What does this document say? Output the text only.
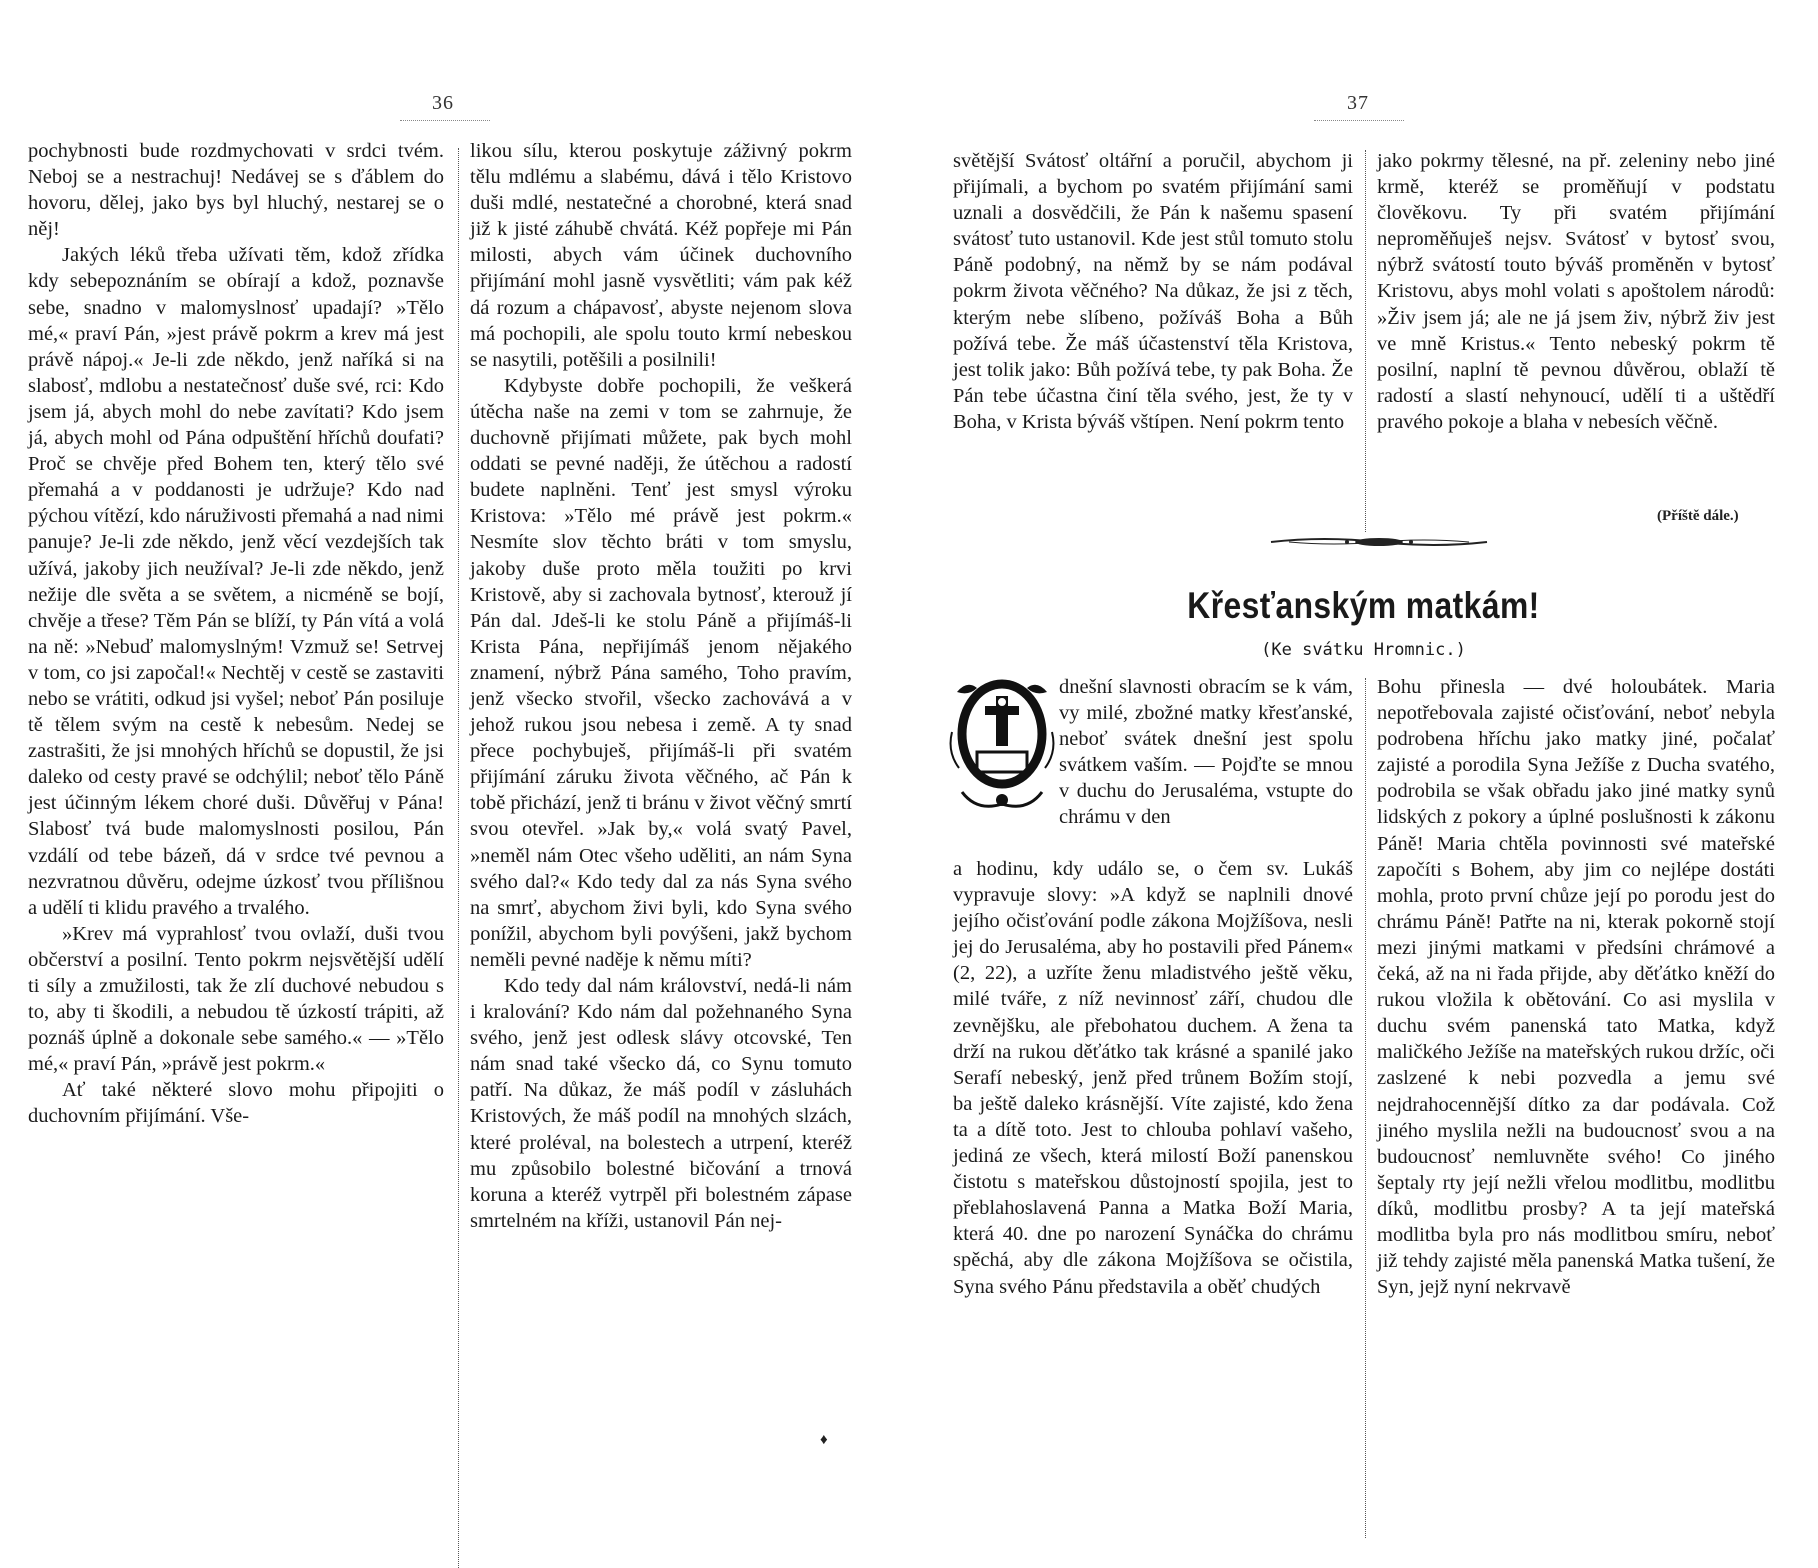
36

pochybnosti bude rozdmychovati v srdci tvém. Neboj se a nestrachuj! Nedávej se s ďáblem do hovoru, dělej, jako bys byl hluchý, nestarej se o něj!

Jakých léků třeba užívati těm, kdož zřídka kdy sebepoznáním se obírají a kdož, poznavše sebe, snadno v malomyslnosť upadají? »Tělo mé,« praví Pán, »jest právě pokrm a krev má jest právě nápoj.« Je-li zde někdo, jenž naříká si na slabosť, mdlobu a nestatečnosť duše své, rci: Kdo jsem já, abych mohl do nebe zavítati? Kdo jsem já, abych mohl od Pána odpuštění hříchů doufati? Proč se chvěje před Bohem ten, který tělo své přemahá a v poddanosti je udržuje? Kdo nad pýchou vítězí, kdo náruživosti přemahá a nad nimi panuje? Je-li zde někdo, jenž věcí vezdejších tak užívá, jakoby jich neužíval? Je-li zde někdo, jenž nežije dle světa a se světem, a nicméně se bojí, chvěje a třese? Těm Pán se blíží, ty Pán vítá a volá na ně: »Nebuď malomyslným! Vzmuž se! Setrvej v tom, co jsi započal!« Nechtěj v cestě se zastaviti nebo se vrátiti, odkud jsi vyšel; neboť Pán posiluje tě tělem svým na cestě k nebesům. Nedej se zastrašiti, že jsi mnohých hříchů se dopustil, že jsi daleko od cesty pravé se odchýlil; neboť tělo Páně jest účinným lékem choré duši. Důvěřuj v Pána! Slabosť tvá bude malomyslnosti posilou, Pán vzdálí od tebe bázeň, dá v srdce tvé pevnou a nezvratnou důvěru, odejme úzkosť tvou přílišnou a udělí ti klidu pravého a trvalého.

»Krev má vyprahlosť tvou ovlaží, duši tvou občerství a posilní. Tento pokrm nejsvětější udělí ti síly a zmužilosti, tak že zlí duchové nebudou s to, aby ti škodili, a nebudou tě úzkostí trápiti, až poznáš úplně a dokonale sebe samého.« — »Tělo mé,« praví Pán, »právě jest pokrm.«

Ať také některé slovo mohu připojiti o duchovním přijímání. Vše-

likou sílu, kterou poskytuje záživný pokrm tělu mdlému a slabému, dává i tělo Kristovo duši mdlé, nestatečné a chorobné, která snad již k jisté záhubě chvátá. Kéž popřeje mi Pán milosti, abych vám účinek duchovního přijímání mohl jasně vysvětliti; vám pak kéž dá rozum a chápavosť, abyste nejenom slova má pochopili, ale spolu touto krmí nebeskou se nasytili, potěšili a posilnili!

Kdybyste dobře pochopili, že veškerá útěcha naše na zemi v tom se zahrnuje, že duchovně přijímati můžete, pak bych mohl oddati se pevné naději, že útěchou a radostí budete naplněni. Tenť jest smysl výroku Kristova: »Tělo mé právě jest pokrm.« Nesmíte slov těchto bráti v tom smyslu, jakoby duše proto měla toužiti po krvi Kristově, aby si zachovala bytnosť, kterouž jí Pán dal. Jdeš-li ke stolu Páně a přijímáš-li Krista Pána, nepřijímáš jenom nějakého znamení, nýbrž Pána samého, Toho pravím, jenž všecko stvořil, všecko zachovává a v jehož rukou jsou nebesa i země. A ty snad přece pochybuješ, přijímáš-li při svatém přijímání záruku života věčného, ač Pán k tobě přichází, jenž ti bránu v život věčný smrtí svou otevřel. »Jak by,« volá svatý Pavel, »neměl nám Otec všeho uděliti, an nám Syna svého dal?« Kdo tedy dal za nás Syna svého na smrť, abychom živi byli, kdo Syna svého ponížil, abychom byli povýšeni, jakž bychom neměli pevné naděje k němu míti?

Kdo tedy dal nám království, nedá-li nám i kralování? Kdo nám dal požehnaného Syna svého, jenž jest odlesk slávy otcovské, Ten nám snad také všecko dá, co Synu tomuto patří. Na důkaz, že máš podíl v zásluhách Kristových, že máš podíl na mnohých slzách, které proléval, na bolestech a utrpení, kteréž mu způsobilo bolestné bičování a trnová koruna a kteréž vytrpěl při bolestném zápase smrtelném na kříži, ustanovil Pán nej-

♦
37

světější Svátosť oltářní a poručil, abychom ji přijímali, a bychom po svatém přijímání sami uznali a dosvědčili, že Pán k našemu spasení svátosť tuto ustanovil. Kde jest stůl tomuto stolu Páně podobný, na němž by se nám podával pokrm života věčného? Na důkaz, že jsi z těch, kterým nebe slíbeno, požíváš Boha a Bůh požívá tebe. Že máš účastenství těla Kristova, jest tolik jako: Bůh požívá tebe, ty pak Boha. Že Pán tebe účastna činí těla svého, jest, že ty v Boha, v Krista býváš vštípen. Není pokrm tento

jako pokrmy tělesné, na př. zeleniny nebo jiné krmě, kteréž se proměňují v podstatu člověkovu. Ty při svatém přijímání neproměňuješ nejsv. Svátosť v bytosť svou, nýbrž svátostí touto býváš proměněn v bytosť Kristovu, abys mohl volati s apoštolem národů: »Živ jsem já; ale ne já jsem živ, nýbrž živ jest ve mně Kristus.« Tento nebeský pokrm tě posilní, naplní tě pevnou důvěrou, oblaží tě radostí a slastí nehynoucí, udělí ti a uštědří pravého pokoje a blaha v nebesích věčně.

(Příště dále.)
Křesťanským matkám!
(Ke svátku Hromnic.)
dnešní slavnosti obracím se k vám, vy milé, zbožné matky křesťanské, neboť svátek dnešní jest spolu svátkem vaším. — Pojďte se mnou v duchu do Jerusaléma, vstupte do chrámu v den
a hodinu, kdy událo se, o čem sv. Lukáš vypravuje slovy: »A když se naplnili dnové jejího očisťování podle zákona Mojžíšova, nesli jej do Jerusaléma, aby ho postavili před Pánem« (2, 22), a uzříte ženu mladistvého ještě věku, milé tváře, z níž nevinnosť září, chudou dle zevnějšku, ale přebohatou duchem. A žena ta drží na rukou děťátko tak krásné a spanilé jako Serafí nebeský, jenž před trůnem Božím stojí, ba ještě daleko krásnější. Víte zajisté, kdo žena ta a dítě toto. Jest to chlouba pohlaví vašeho, jediná ze všech, která milostí Boží panenskou čistotu s mateřskou důstojností spojila, jest to přeblahoslavená Panna a Matka Boží Maria, která 40. dne po narození Synáčka do chrámu spěchá, aby dle zákona Mojžíšova se očistila, Syna svého Pánu představila a oběť chudých
Bohu přinesla — dvé holoubátek. Maria nepotřebovala zajisté očisťování, neboť nebyla podrobena hříchu jako matky jiné, počalať zajisté a porodila Syna Ježíše z Ducha svatého, podrobila se však obřadu jako jiné matky synů lidských z pokory a úplné poslušnosti k zákonu Páně! Maria chtěla povinnosti své mateřské započíti s Bohem, aby jim co nejlépe dostáti mohla, proto první chůze její po porodu jest do chrámu Páně! Patřte na ni, kterak pokorně stojí mezi jinými matkami v předsíni chrámové a čeká, až na ni řada přijde, aby děťátko kněží do rukou vložila k obětování. Co asi myslila v duchu svém panenská tato Matka, když maličkého Ježíše na mateřských rukou držíc, oči zaslzené k nebi pozvedla a jemu své nejdrahocennější dítko za dar podávala. Což jiného myslila nežli na budoucnosť svou a na budoucnosť nemluvněte svého! Co jiného šeptaly rty její nežli vřelou modlitbu, modlitbu díků, modlitbu prosby? A ta její mateřská modlitba byla pro nás modlitbou smíru, neboť již tehdy zajisté měla panenská Matka tušení, že Syn, jejž nyní nekrvavě
